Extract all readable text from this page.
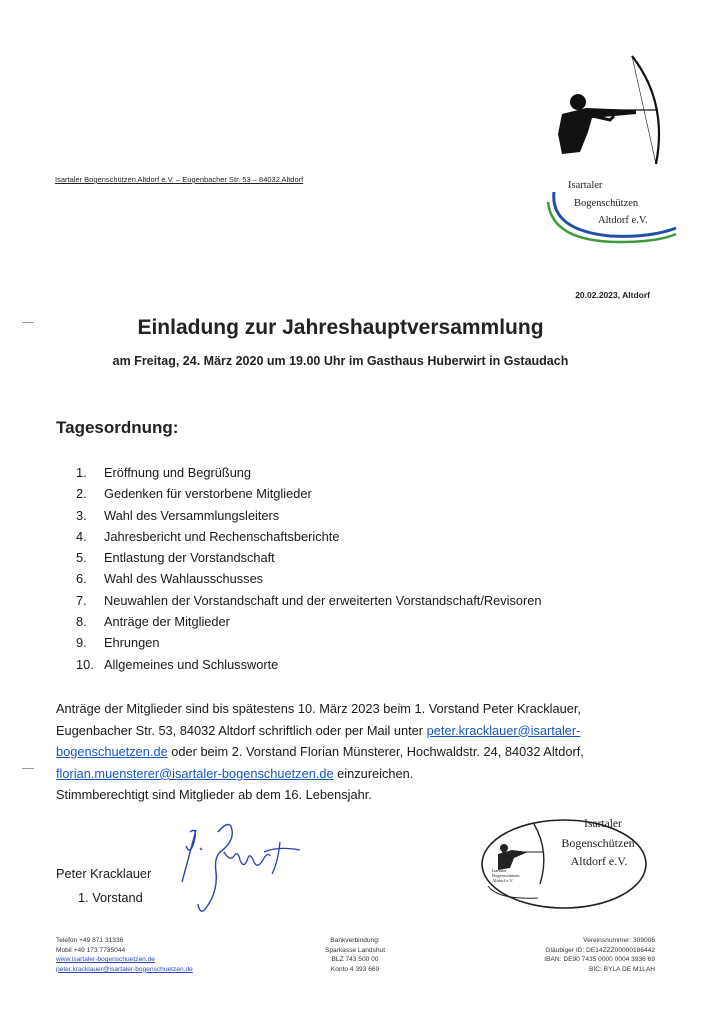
Isartaler Bogenschützen Altdorf e.V. – Eugenbacher Str. 53 – 84032 Altdorf
Isartaler
Bogenschützen
Altdorf e.V.
20.02.2023, Altdorf
Einladung zur Jahreshauptversammlung
am Freitag, 24. März 2020 um 19.00 Uhr im Gasthaus Huberwirt in Gstaudach
Tagesordnung:
1. Eröffnung und Begrüßung
2. Gedenken für verstorbene Mitglieder
3. Wahl des Versammlungsleiters
4. Jahresbericht und Rechenschaftsberichte
5. Entlastung der Vorstandschaft
6. Wahl des Wahlausschusses
7. Neuwahlen der Vorstandschaft und der erweiterten Vorstandschaft/Revisoren
8. Anträge der Mitglieder
9. Ehrungen
10. Allgemeines und Schlussworte
Anträge der Mitglieder sind bis spätestens 10. März 2023 beim 1. Vorstand Peter Kracklauer,
Eugenbacher Str. 53, 84032 Altdorf schriftlich oder per Mail unter peter.kracklauer@isartaler-
bogenschuetzen.de oder beim 2. Vorstand Florian Münsterer, Hochwaldstr. 24, 84032 Altdorf,
florian.muensterer@isartaler-bogenschuetzen.de einzureichen.
Stimmberechtigt sind Mitglieder ab dem 16. Lebensjahr.
Peter Kracklauer
1. Vorstand
Isartaler
Bogenschützen
Altdorf e.V.
Isartaler
Bogenschützen
Altdorf e.V.
Telefon +49 871 31336
Mobil +49 173 7735044
www.isartaler-bogenschuetzen.de
peter.kracklauer@isartaler-bogenschuetzen.de
Bankverbindung:
Sparkasse Landshut
BLZ 743 500 00
Konto 4 393 669
Vereinsnummer: 309006
Gläubiger ID: DE14ZZZ00000186442
IBAN: DE90 7435 0000 0004 3936 69
BIC: BYLA DE M1LAH
